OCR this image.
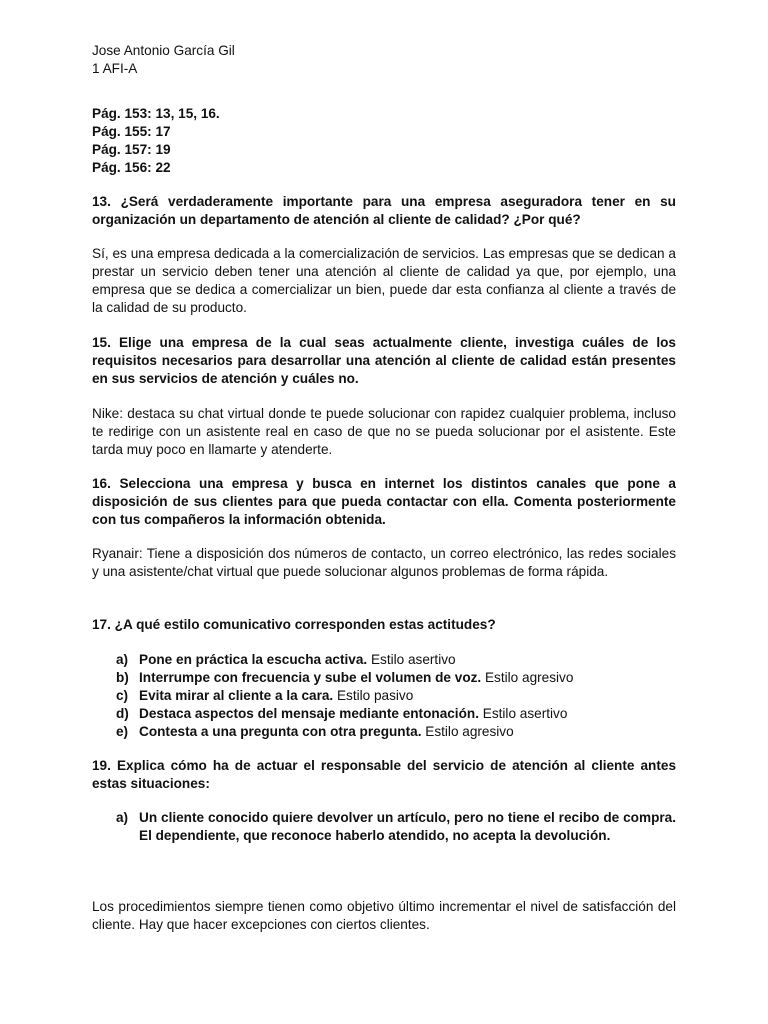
Jose Antonio García Gil
1 AFI-A
Pág. 153: 13, 15, 16.
Pág. 155: 17
Pág. 157: 19
Pág. 156: 22
13. ¿Será verdaderamente importante para una empresa aseguradora tener en su organización un departamento de atención al cliente de calidad? ¿Por qué?
Sí, es una empresa dedicada a la comercialización de servicios. Las empresas que se dedican a prestar un servicio deben tener una atención al cliente de calidad ya que, por ejemplo, una empresa que se dedica a comercializar un bien, puede dar esta confianza al cliente a través de la calidad de su producto.
15. Elige una empresa de la cual seas actualmente cliente, investiga cuáles de los requisitos necesarios para desarrollar una atención al cliente de calidad están presentes en sus servicios de atención y cuáles no.
Nike: destaca su chat virtual donde te puede solucionar con rapidez cualquier problema, incluso te redirige con un asistente real en caso de que no se pueda solucionar por el asistente. Este tarda muy poco en llamarte y atenderte.
16. Selecciona una empresa y busca en internet los distintos canales que pone a disposición de sus clientes para que pueda contactar con ella. Comenta posteriormente con tus compañeros la información obtenida.
Ryanair: Tiene a disposición dos números de contacto, un correo electrónico, las redes sociales y una asistente/chat virtual que puede solucionar algunos problemas de forma rápida.
17. ¿A qué estilo comunicativo corresponden estas actitudes?
a) Pone en práctica la escucha activa. Estilo asertivo
b) Interrumpe con frecuencia y sube el volumen de voz. Estilo agresivo
c) Evita mirar al cliente a la cara. Estilo pasivo
d) Destaca aspectos del mensaje mediante entonación. Estilo asertivo
e) Contesta a una pregunta con otra pregunta. Estilo agresivo
19. Explica cómo ha de actuar el responsable del servicio de atención al cliente antes estas situaciones:
a) Un cliente conocido quiere devolver un artículo, pero no tiene el recibo de compra. El dependiente, que reconoce haberlo atendido, no acepta la devolución.
Los procedimientos siempre tienen como objetivo último incrementar el nivel de satisfacción del cliente. Hay que hacer excepciones con ciertos clientes.
